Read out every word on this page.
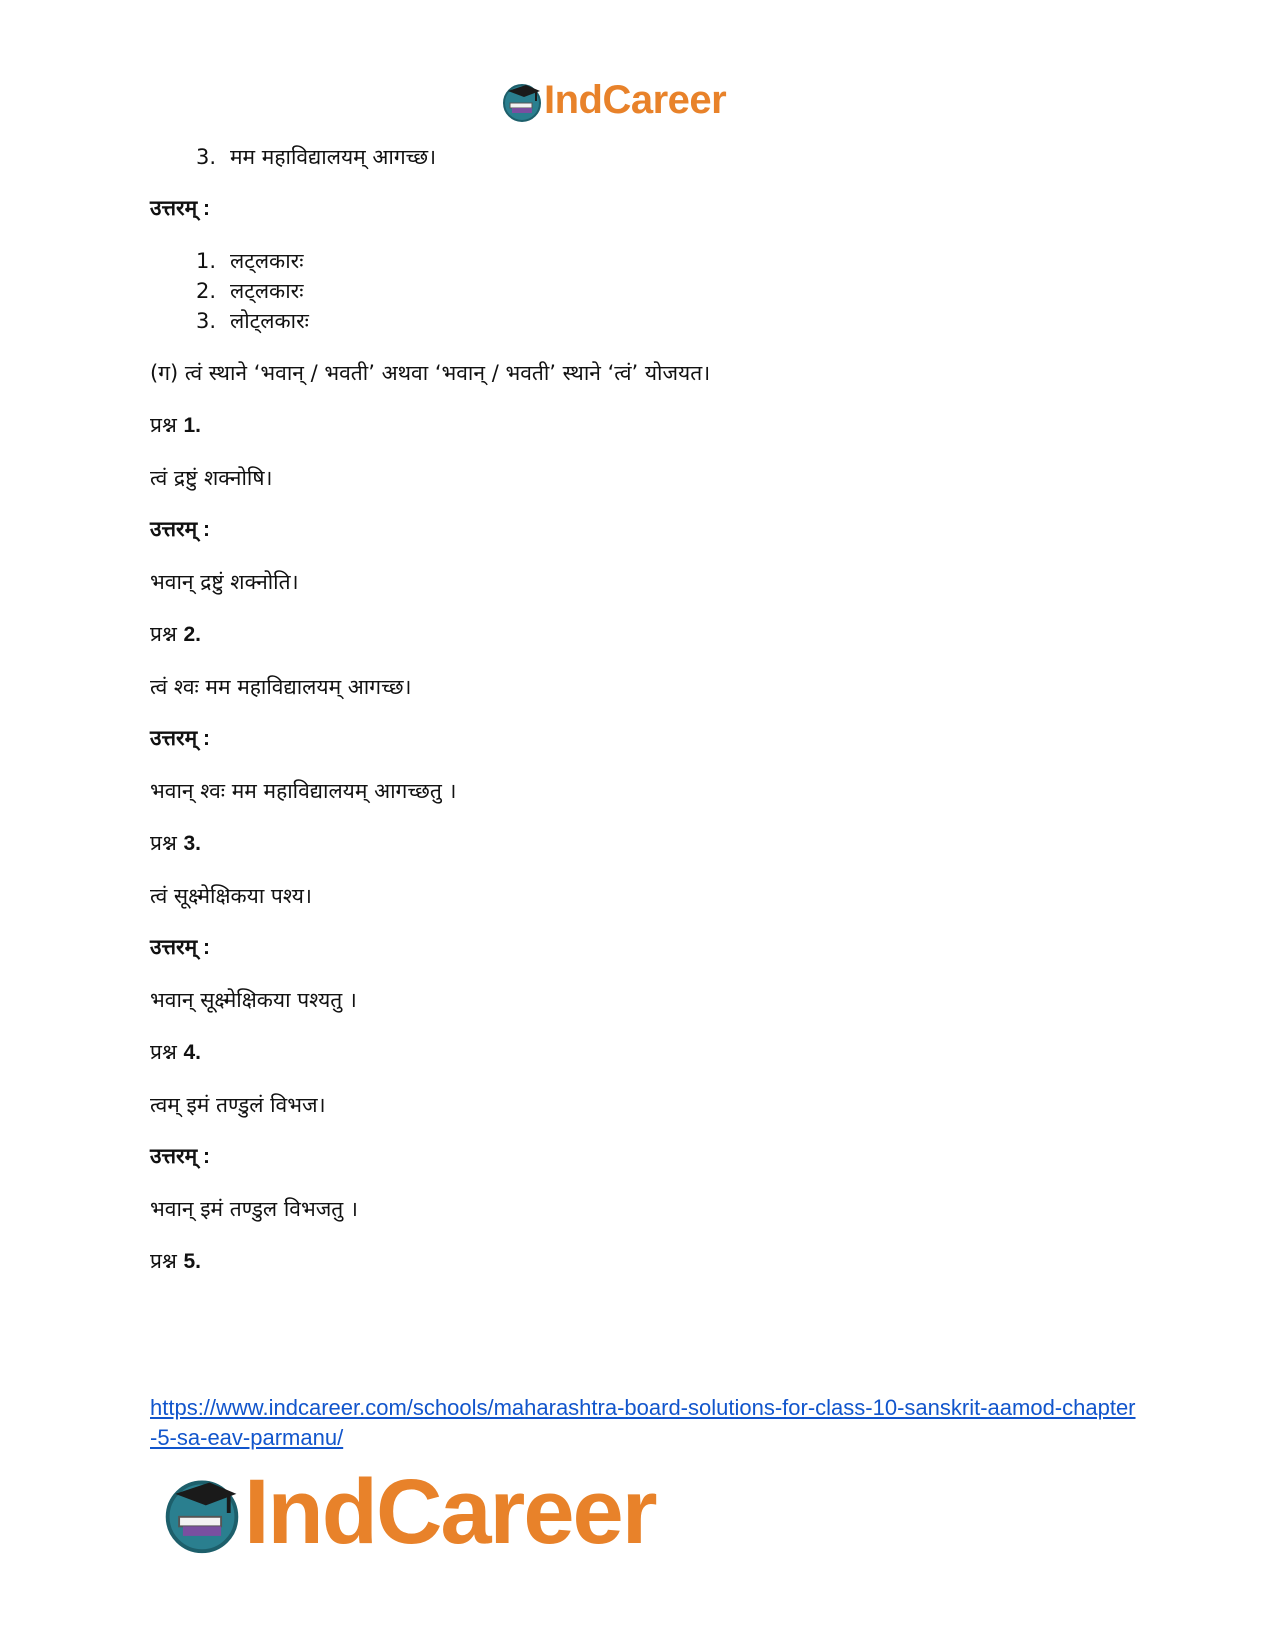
IndCareer

3. मम महाविद्यालयम् आगच्छ।

उत्तरम् :

1. लट्लकारः

2. लट्लकारः

3. लोट्लकारः

(ग) त्वं स्थाने ‘भवान् / भवती’ अथवा ‘भवान् / भवती’ स्थाने ‘त्वं’ योजयत।

प्रश्न 1.

त्वं द्रष्टुं शक्नोषि।

उत्तरम् :

भवान् द्रष्टुं शक्नोति।

प्रश्न 2.

त्वं श्वः मम महाविद्यालयम् आगच्छ।

उत्तरम् :

भवान् श्वः मम महाविद्यालयम् आगच्छतु ।

प्रश्न 3.

त्वं सूक्ष्मेक्षिकया पश्य।

उत्तरम् :

भवान् सूक्ष्मेक्षिकया पश्यतु ।

प्रश्न 4.

त्वम् इमं तण्डुलं विभज।

उत्तरम् :

भवान् इमं तण्डुल विभजतु ।

प्रश्न 5.

https://www.indcareer.com/schools/maharashtra-board-solutions-for-class-10-sanskrit-aamod-chapter-5-sa-eav-parmanu/
IndCareer
